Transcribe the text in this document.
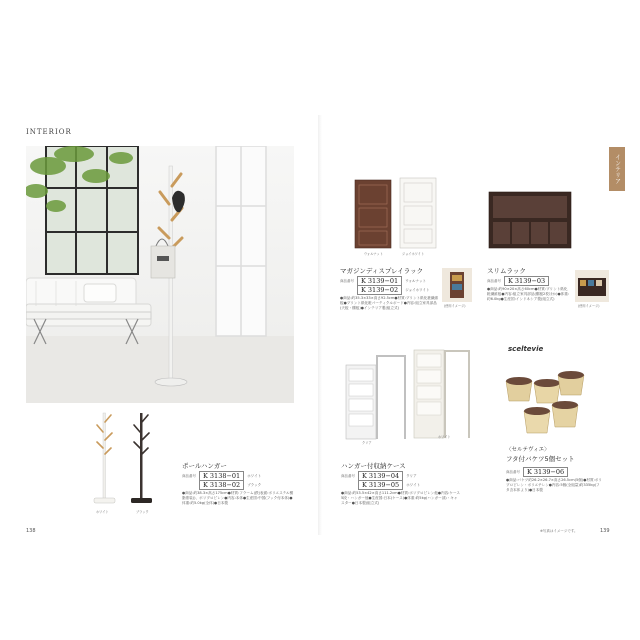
INTERIOR
インテリア
ホワイト	ブラック
ポールハンガー
商品番号	K 3138−01	ホワイト
K 3138−02	ブラック
●商品:約38.3×高さ175cm●材質:フラーム(鉄(表面:ポリエステル樹脂塗装))、ポリプロピレン●内容:本体●生産国:中国(フック付本体)●体重:約5.0kg(全体)●日本製
ウォルナット	ジョイホワイト
マガジンディスプレイラック
商品番号	K 3139−01	ウォルナット
K 3139−02	ジョイホワイト
(使用イメージ)
●商品:約35.3×33×高さ92.5cm●材質:プリント紙化粧繊維板●プリント紙化粧パーティクルボード●内容:組立家具部品(天板・棚板)●インテリア製(組立式)
スリムラック
商品番号	K 3139−03
(使用イメージ)
●商品:約90×20×高さ60cm●材質:プリント紙化粧繊維板●内容:組立家具部品(棚板2枚ほか)●体重:約6.0kg●生産国:インドネシア製(組立式)
クリア
ホワイト
ハンガー付収納ケース
商品番号	K 3139−04	クリア
K 3139−05	ホワイト
●商品:約53.5×42×高さ111.2cm●材質:ポリプロピレン他●内容:ケース5段・ハンガー他●生産国:日本(ケース)●体重:約5kg(ハンガー部)・キャスター●日本製(組立式)
sceltevie
〈セルテヴィエ〉
フタ付バケツ5個セット
商品番号	K 3139−06
●商品:バケツ約26.2×26.7×高さ26.5cm(5個)●材質:ポリプロピレン・ポリエチレン●内容:5個(全組量)約335kg(フタ含本体より)●日本製
138	※写真はイメージです。	139
